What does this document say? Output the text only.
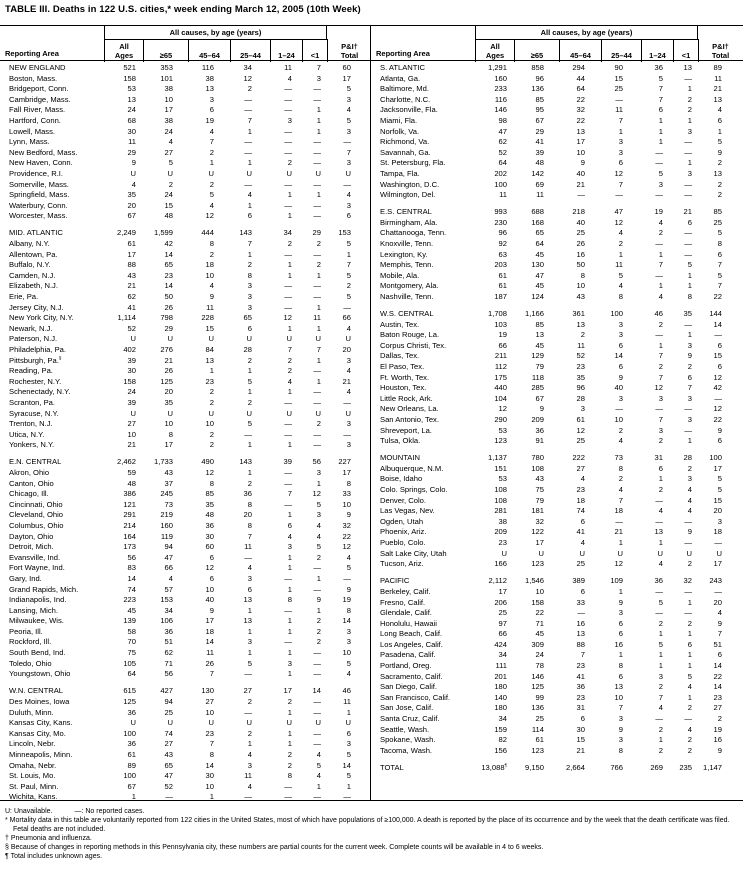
TABLE III. Deaths in 122 U.S. cities,* week ending March 12, 2005 (10th Week)
All causes, by age (years)
Reporting Area
All
Ages	≥65	45–64	25–44 1–24 <1
P&I†
Total
NEW ENGLAND	521	353	116	34	11	7	60
Boston, Mass.	158	101	38	12	4	3	17
Bridgeport, Conn.	53	38	13	2	—	—	5
Cambridge, Mass.	13	10	3	—	—	—	3
Fall River, Mass.	24	17	6	—	—	1	4
Hartford, Conn.	68	38	19	7	3	1	5
Lowell, Mass.	30	24	4	1	—	1	3
Lynn, Mass.	11	4	7	—	—	—	—
New Bedford, Mass.	29	27	2	—	—	—	7
New Haven, Conn.	9	5	1	1	2	—	3
Providence, R.I.	U	U	U	U	U	U	U
Somerville, Mass.	4	2	2	—	—	—	—
Springfield, Mass.	35	24	5	4	1	1	4
Waterbury, Conn.	20	15	4	1	—	—	3
Worcester, Mass.	67	48	12	6	1	—	6
MID. ATLANTIC	2,249	1,599	444	143	34	29	153
Albany, N.Y.	61	42	8	7	2	2	5
Allentown, Pa.	17	14	2	1	—	—	1
Buffalo, N.Y.	88	65	18	2	1	2	7
Camden, N.J.	43	23	10	8	1	1	5
Elizabeth, N.J.	21	14	4	3	—	—	2
Erie, Pa.	62	50	9	3	—	—	5
Jersey City, N.J.	41	26	11	3	—	1	—
New York City, N.Y.	1,114	798	228	65	12	11	66
Newark, N.J.	52	29	15	6	1	1	4
Paterson, N.J.	U	U	U	U	U	U	U
Philadelphia, Pa.	402	276	84	28	7	7	20
Pittsburgh, Pa.§	39	21	13	2	2	1	3
Reading, Pa.	30	26	1	1	2	—	4
Rochester, N.Y.	158	125	23	5	4	1	21
Schenectady, N.Y.	24	20	2	1	1	—	4
Scranton, Pa.	39	35	2	2	—	—	—
Syracuse, N.Y.	U	U	U	U	U	U	U
Trenton, N.J.	27	10	10	5	—	2	3
Utica, N.Y.	10	8	2	—	—	—	—
Yonkers, N.Y.	21	17	2	1	1	—	3
E.N. CENTRAL	2,462	1,733	490	143	39	56	227
Akron, Ohio	59	43	12	1	—	3	17
Canton, Ohio	48	37	8	2	—	1	8
Chicago, Ill.	386	245	85	36	7	12	33
Cincinnati, Ohio	121	73	35	8	—	5	10
Cleveland, Ohio	291	219	48	20	1	3	9
Columbus, Ohio	214	160	36	8	6	4	32
Dayton, Ohio	164	119	30	7	4	4	22
Detroit, Mich.	173	94	60	11	3	5	12
Evansville, Ind.	56	47	6	—	1	2	4
Fort Wayne, Ind.	83	66	12	4	1	—	5
Gary, Ind.	14	4	6	3	—	1	—
Grand Rapids, Mich.	74	57	10	6	1	—	9
Indianapolis, Ind.	223	153	40	13	8	9	19
Lansing, Mich.	45	34	9	1	—	1	8
Milwaukee, Wis.	139	106	17	13	1	2	14
Peoria, Ill.	58	36	18	1	1	2	3
Rockford, Ill.	70	51	14	3	—	2	3
South Bend, Ind.	75	62	11	1	1	—	10
Toledo, Ohio	105	71	26	5	3	—	5
Youngstown, Ohio	64	56	7	—	1	—	4
W.N. CENTRAL	615	427	130	27	17	14	46
Des Moines, Iowa	125	94	27	2	2	—	11
Duluth, Minn.	36	25	10	—	1	—	1
Kansas City, Kans.	U	U	U	U	U	U	U
Kansas City, Mo.	100	74	23	2	1	—	6
Lincoln, Nebr.	36	27	7	1	1	—	3
Minneapolis, Minn.	61	43	8	4	2	4	5
Omaha, Nebr.	89	65	14	3	2	5	14
St. Louis, Mo.	100	47	30	11	8	4	5
St. Paul, Minn.	67	52	10	4	—	1	1
Wichita, Kans.	1	—	1	—	—	—	—
All causes, by age (years)
Reporting Area
All
Ages	≥65	45–64	25–44 1–24 <1
P&I†
Total
S. ATLANTIC	1,291	858	294	90	36	13	89
Atlanta, Ga.	160	96	44	15	5	—	11
Baltimore, Md.	233	136	64	25	7	1	21
Charlotte, N.C.	116	85	22	—	7	2	13
Jacksonville, Fla.	146	95	32	11	6	2	4
Miami, Fla.	98	67	22	7	1	1	6
Norfolk, Va.	47	29	13	1	1	3	1
Richmond, Va.	62	41	17	3	1	—	5
Savannah, Ga.	52	39	10	3	—	—	9
St. Petersburg, Fla.	64	48	9	6	—	1	2
Tampa, Fla.	202	142	40	12	5	3	13
Washington, D.C.	100	69	21	7	3	—	2
Wilmington, Del.	11	11	—	—	—	—	2
E.S. CENTRAL	993	688	218	47	19	21	85
Birmingham, Ala.	230	168	40	12	4	6	25
Chattanooga, Tenn.	96	65	25	4	2	—	5
Knoxville, Tenn.	92	64	26	2	—	—	8
Lexington, Ky.	63	45	16	1	1	—	6
Memphis, Tenn.	203	130	50	11	7	5	7
Mobile, Ala.	61	47	8	5	—	1	5
Montgomery, Ala.	61	45	10	4	1	1	7
Nashville, Tenn.	187	124	43	8	4	8	22
W.S. CENTRAL	1,708	1,166	361	100	46	35	144
Austin, Tex.	103	85	13	3	2	—	14
Baton Rouge, La.	19	13	2	3	—	1	—
Corpus Christi, Tex.	66	45	11	6	1	3	6
Dallas, Tex.	211	129	52	14	7	9	15
El Paso, Tex.	112	79	23	6	2	2	6
Ft. Worth, Tex.	175	118	35	9	7	6	12
Houston, Tex.	440	285	96	40	12	7	42
Little Rock, Ark.	104	67	28	3	3	3	—
New Orleans, La.	12	9	3	—	—	—	12
San Antonio, Tex.	290	209	61	10	7	3	22
Shreveport, La.	53	36	12	2	3	—	9
Tulsa, Okla.	123	91	25	4	2	1	6
MOUNTAIN	1,137	780	222	73	31	28	100
Albuquerque, N.M.	151	108	27	8	6	2	17
Boise, Idaho	53	43	4	2	1	3	5
Colo. Springs, Colo.	108	75	23	4	2	4	5
Denver, Colo.	108	79	18	7	—	4	15
Las Vegas, Nev.	281	181	74	18	4	4	20
Ogden, Utah	38	32	6	—	—	—	3
Phoenix, Ariz.	209	122	41	21	13	9	18
Pueblo, Colo.	23	17	4	1	1	—	—
Salt Lake City, Utah	U	U	U	U	U	U	U
Tucson, Ariz.	166	123	25	12	4	2	17
PACIFIC	2,112	1,546	389	109	36	32	243
Berkeley, Calif.	17	10	6	1	—	—	—
Fresno, Calif.	206	158	33	9	5	1	20
Glendale, Calif.	25	22	—	3	—	—	4
Honolulu, Hawaii	97	71	16	6	2	2	9
Long Beach, Calif.	66	45	13	6	1	1	7
Los Angeles, Calif.	424	309	88	16	5	6	51
Pasadena, Calif.	34	24	7	1	1	1	6
Portland, Oreg.	111	78	23	8	1	1	14
Sacramento, Calif.	201	146	41	6	3	5	22
San Diego, Calif.	180	125	36	13	2	4	14
San Francisco, Calif.	140	99	23	10	7	1	23
San Jose, Calif.	180	136	31	7	4	2	27
Santa Cruz, Calif.	34	25	6	3	—	—	2
Seattle, Wash.	159	114	30	9	2	4	19
Spokane, Wash.	82	61	15	3	1	2	16
Tacoma, Wash.	156	123	21	8	2	2	9
TOTAL	13,088¶	9,150	2,664	766	269	235	1,147
U: Unavailable.	—: No reported cases.
* Mortality data in this table are voluntarily reported from 122 cities in the United States, most of which have populations of ≥100,000. A death is reported by the place of its occurrence and by the week that the death certificate was filed. Fetal deaths are not included.
† Pneumonia and influenza.
§ Because of changes in reporting methods in this Pennsylvania city, these numbers are partial counts for the current week. Complete counts will be available in 4 to 6 weeks.
¶ Total includes unknown ages.
